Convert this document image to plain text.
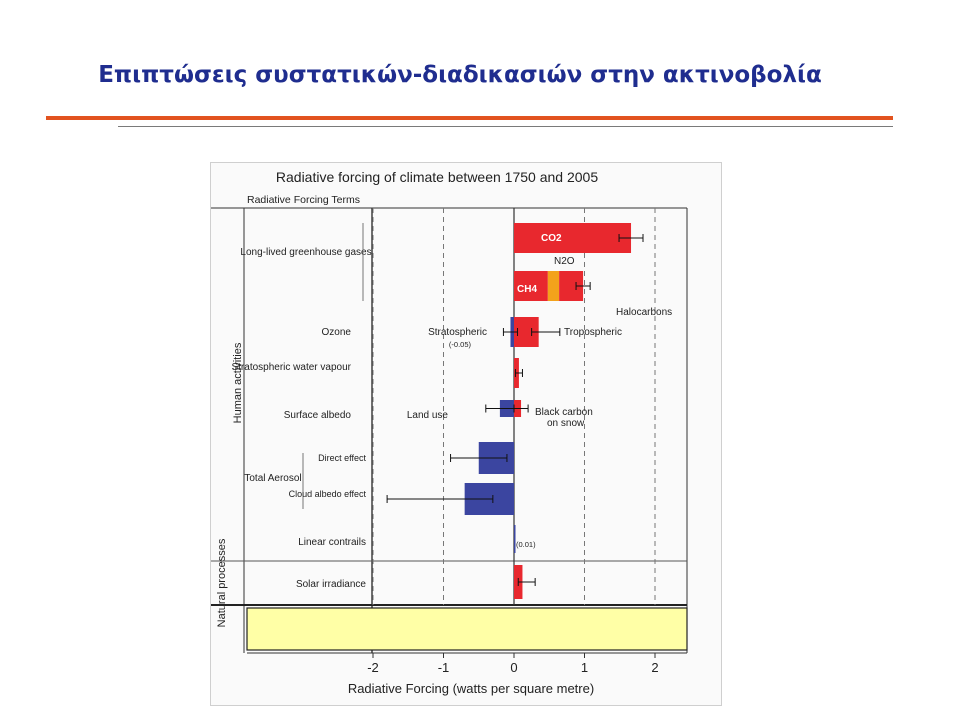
Επιπτώσεις συστατικών-διαδικασιών στην ακτινοβολία
Radiative forcing of climate between 1750 and 2005
Radiative Forcing Terms
-2	-1	0	1	2
Human activities
Natural processes
Long-lived greenhouse gases
Ozone
Stratospheric water vapour
Surface albedo
Total Aerosol
Direct effect
Cloud albedo effect
Linear contrails
Solar irradiance
CO2
CH4
N2O
Halocarbons
Stratospheric
(-0.05)
Tropospheric
Land use	Black carbon
on snow
(0.01)
Radiative Forcing (watts per square metre)
